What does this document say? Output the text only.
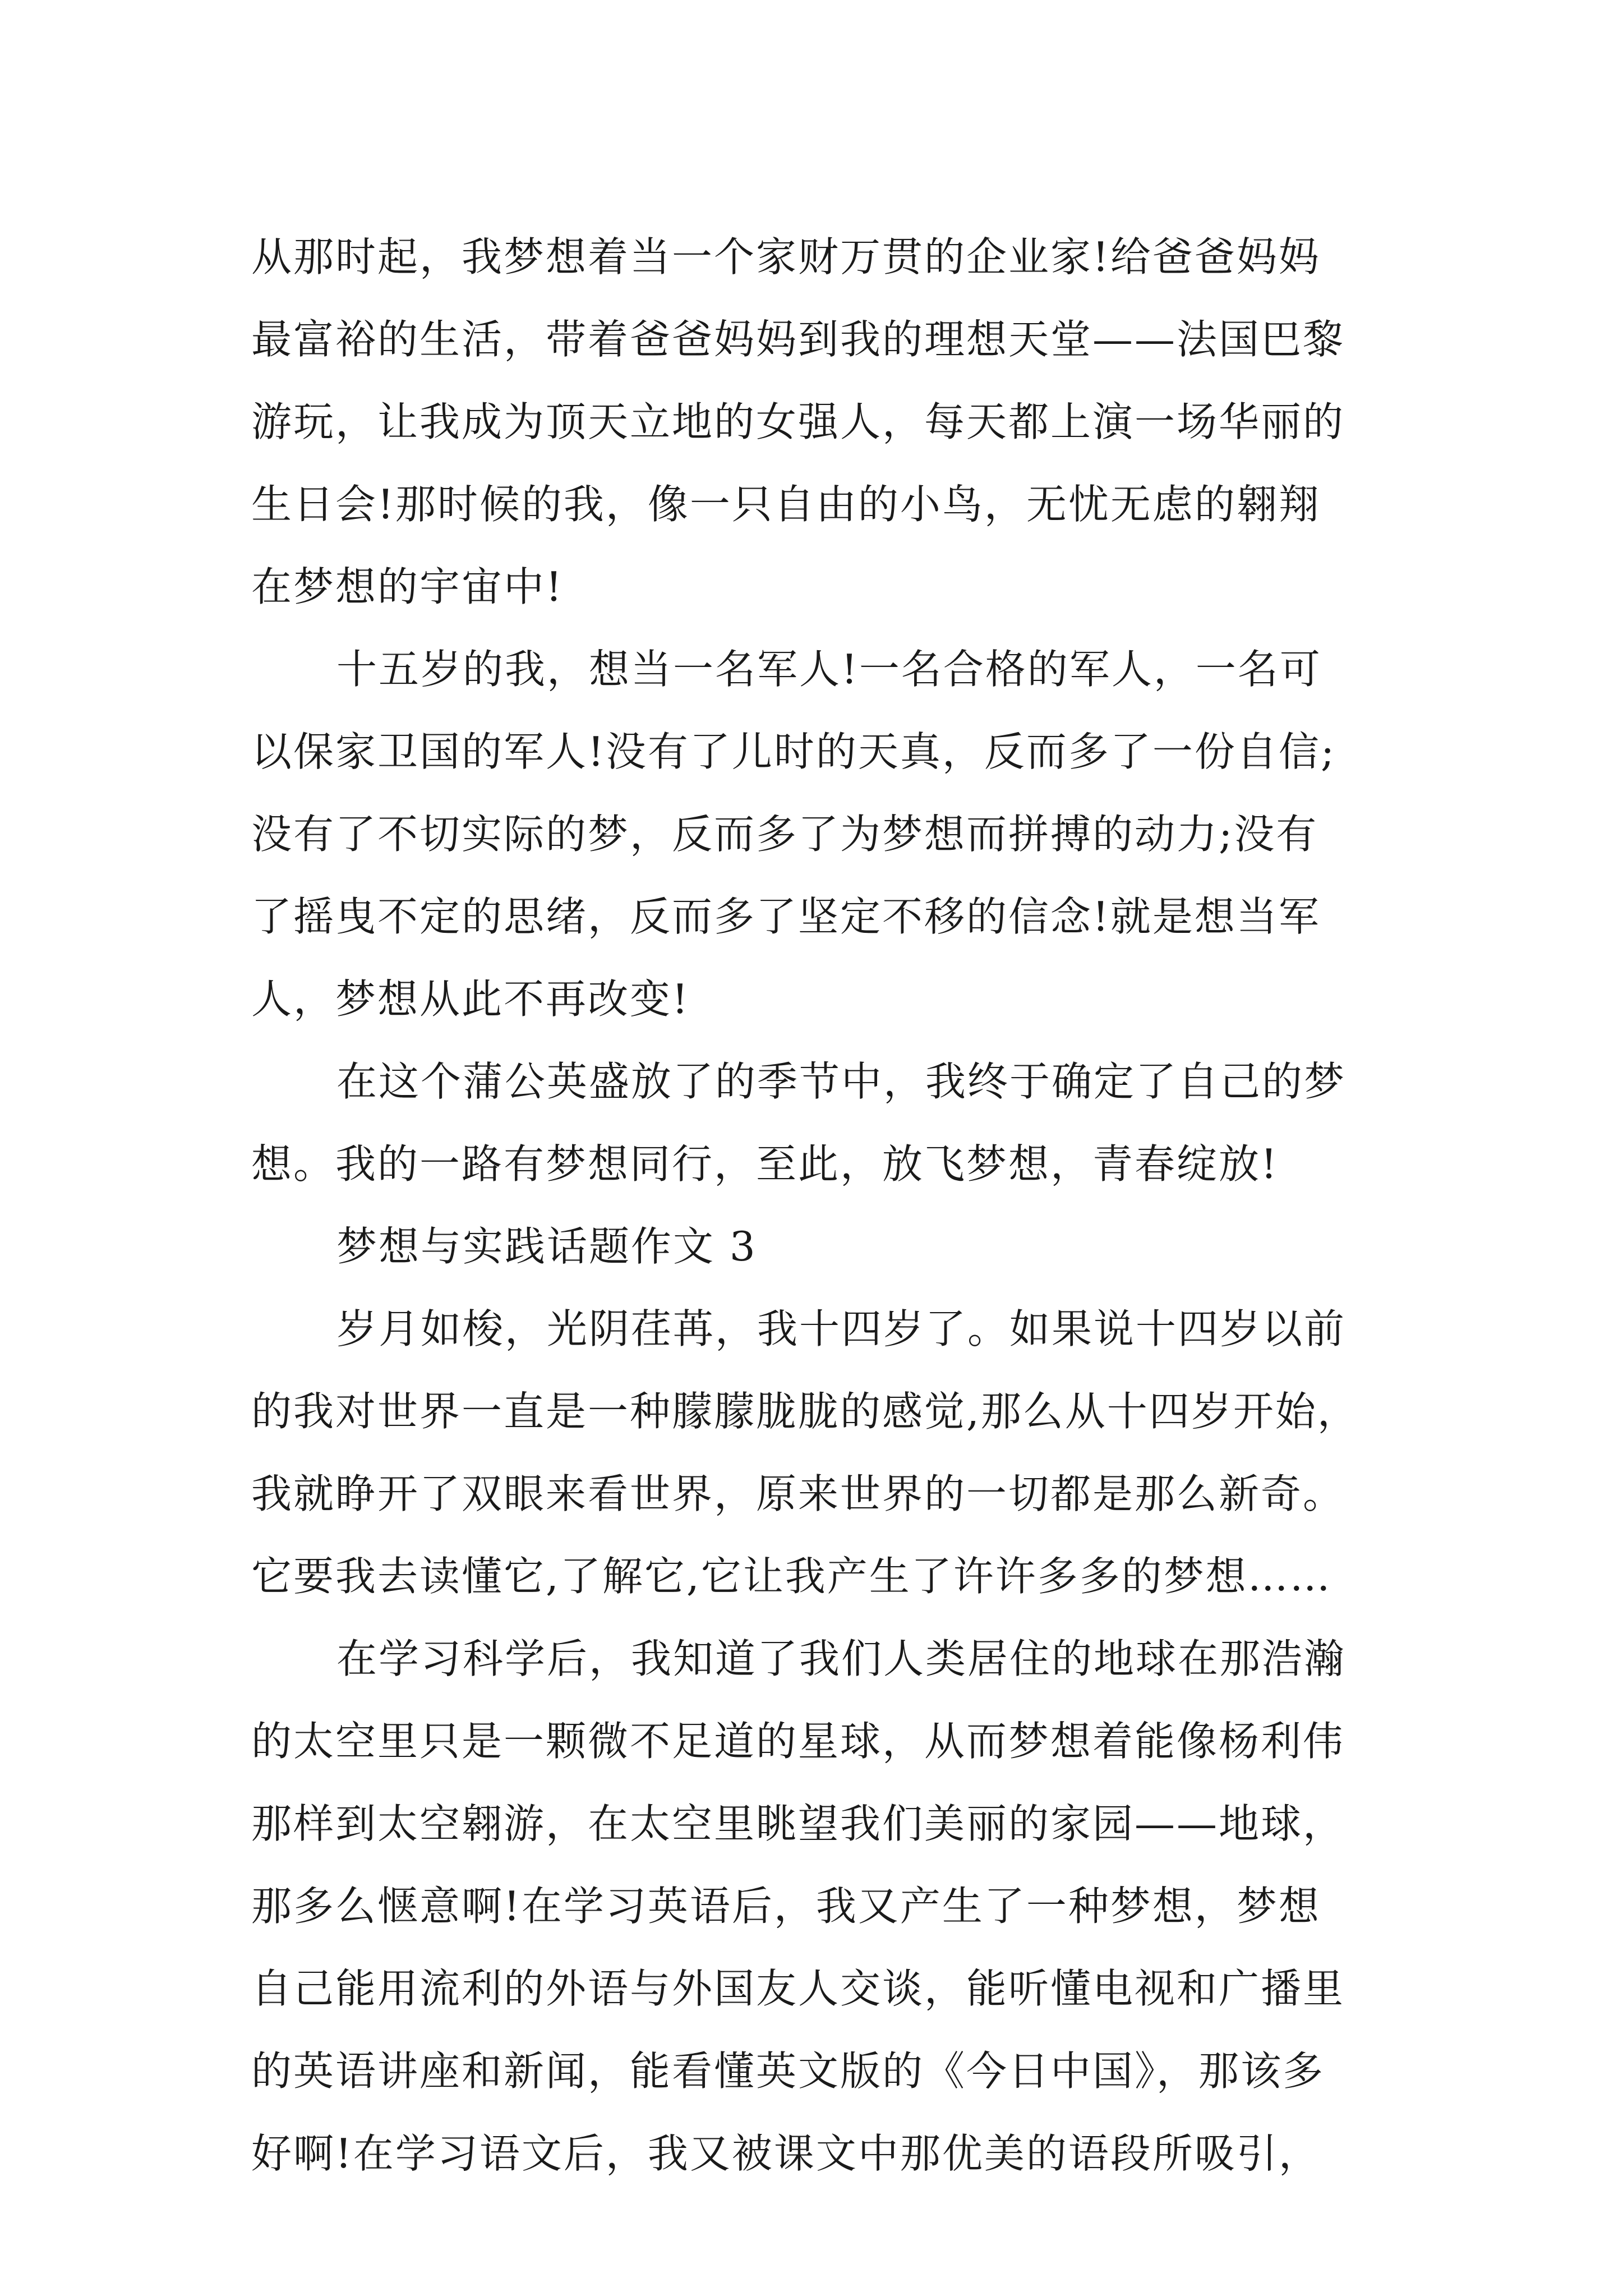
从那时起，我梦想着当一个家财万贯的企业家!给爸爸妈妈
最富裕的生活，带着爸爸妈妈到我的理想天堂——法国巴黎
游玩，让我成为顶天立地的女强人，每天都上演一场华丽的
生日会!那时候的我，像一只自由的小鸟，无忧无虑的翱翔
在梦想的宇宙中!
十五岁的我，想当一名军人!一名合格的军人，一名可
以保家卫国的军人!没有了儿时的天真，反而多了一份自信;
没有了不切实际的梦，反而多了为梦想而拼搏的动力;没有
了摇曳不定的思绪，反而多了坚定不移的信念!就是想当军
人，梦想从此不再改变!
在这个蒲公英盛放了的季节中，我终于确定了自己的梦
想。我的一路有梦想同行，至此，放飞梦想，青春绽放!
梦想与实践话题作文 3
岁月如梭，光阴荏苒，我十四岁了。如果说十四岁以前
的我对世界一直是一种朦朦胧胧的感觉,那么从十四岁开始，
我就睁开了双眼来看世界，原来世界的一切都是那么新奇。
它要我去读懂它,了解它,它让我产生了许许多多的梦想……
在学习科学后，我知道了我们人类居住的地球在那浩瀚
的太空里只是一颗微不足道的星球，从而梦想着能像杨利伟
那样到太空翱游，在太空里眺望我们美丽的家园——地球，
那多么惬意啊!在学习英语后，我又产生了一种梦想，梦想
自己能用流利的外语与外国友人交谈，能听懂电视和广播里
的英语讲座和新闻，能看懂英文版的《今日中国》，那该多
好啊!在学习语文后，我又被课文中那优美的语段所吸引，
